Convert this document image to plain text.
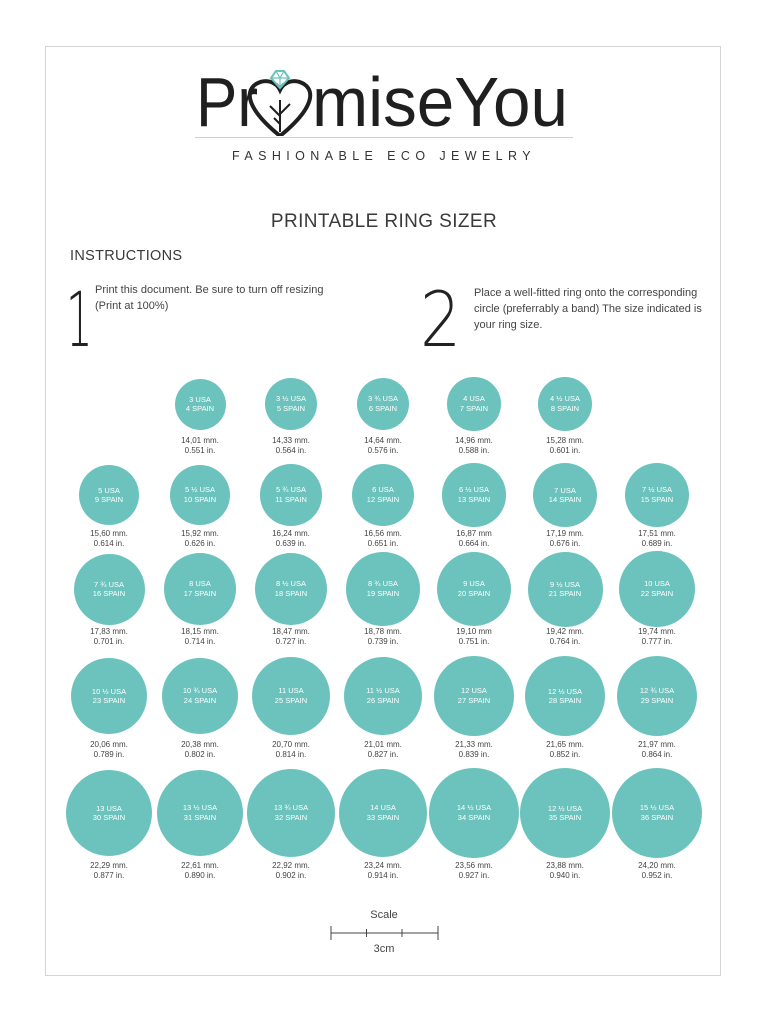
Pr miseYou
FASHIONABLE ECO JEWELRY
PRINTABLE RING SIZER
INSTRUCTIONS
1 Print this document. Be sure to turn off resizing (Print at 100%)	2 Place a well-fitted ring onto the corresponding circle (preferrably a band) The size indicated is your ring size.
3 USA
4 SPAIN
14,01 mm.
0.551 in.
3 ½ USA
5 SPAIN
14,33 mm.
0.564 in.
3 ¾ USA
6 SPAIN
14,64 mm.
0.576 in.
4 USA
7 SPAIN
14,96 mm.
0.588 in.
4 ½ USA
8 SPAIN
15,28 mm.
0.601 in.
5 USA
9 SPAIN
15,60 mm.
0.614 in.
5 ½ USA
10 SPAIN
15,92 mm.
0.626 in.
5 ¾ USA
11 SPAIN
16,24 mm.
0.639 in.
6 USA
12 SPAIN
16,56 mm.
0.651 in.
6 ½ USA
13 SPAIN
16,87 mm
0.664 in.
7 USA
14 SPAIN
17,19 mm.
0.676 in.
7 ½ USA
15 SPAIN
17,51 mm.
0.689 in.
7 ¾ USA
16 SPAIN
17,83 mm.
0.701 in.
8 USA
17 SPAIN
18,15 mm.
0.714 in.
8 ½ USA
18 SPAIN
18,47 mm.
0.727 in.
8 ¾ USA
19 SPAIN
18,78 mm.
0.739 in.
9 USA
20 SPAIN
19,10 mm
0.751 in.
9 ½ USA
21 SPAIN
19,42 mm.
0.764 in.
10 USA
22 SPAIN
19,74 mm.
0.777 in.
10 ½ USA
23 SPAIN
20,06 mm.
0.789 in.
10 ¾ USA
24 SPAIN
20,38 mm.
0.802 in.
11 USA
25 SPAIN
20,70 mm.
0.814 in.
11 ½ USA
26 SPAIN
21,01 mm.
0.827 in.
12 USA
27 SPAIN
21,33 mm.
0.839 in.
12 ½ USA
28 SPAIN
21,65 mm.
0.852 in.
12 ¾ USA
29 SPAIN
21,97 mm.
0.864 in.
13 USA
30 SPAIN
22,29 mm.
0.877 in.
13 ½ USA
31 SPAIN
22,61 mm.
0.890 in.
13 ¾ USA
32 SPAIN
22,92 mm.
0.902 in.
14 USA
33 SPAIN
23,24 mm.
0.914 in.
14 ½ USA
34 SPAIN
23,56 mm.
0.927 in.
12 ½ USA
35 SPAIN
23,88 mm.
0.940 in.
15 ½ USA
36 SPAIN
24,20 mm.
0.952 in.
Scale
3cm
